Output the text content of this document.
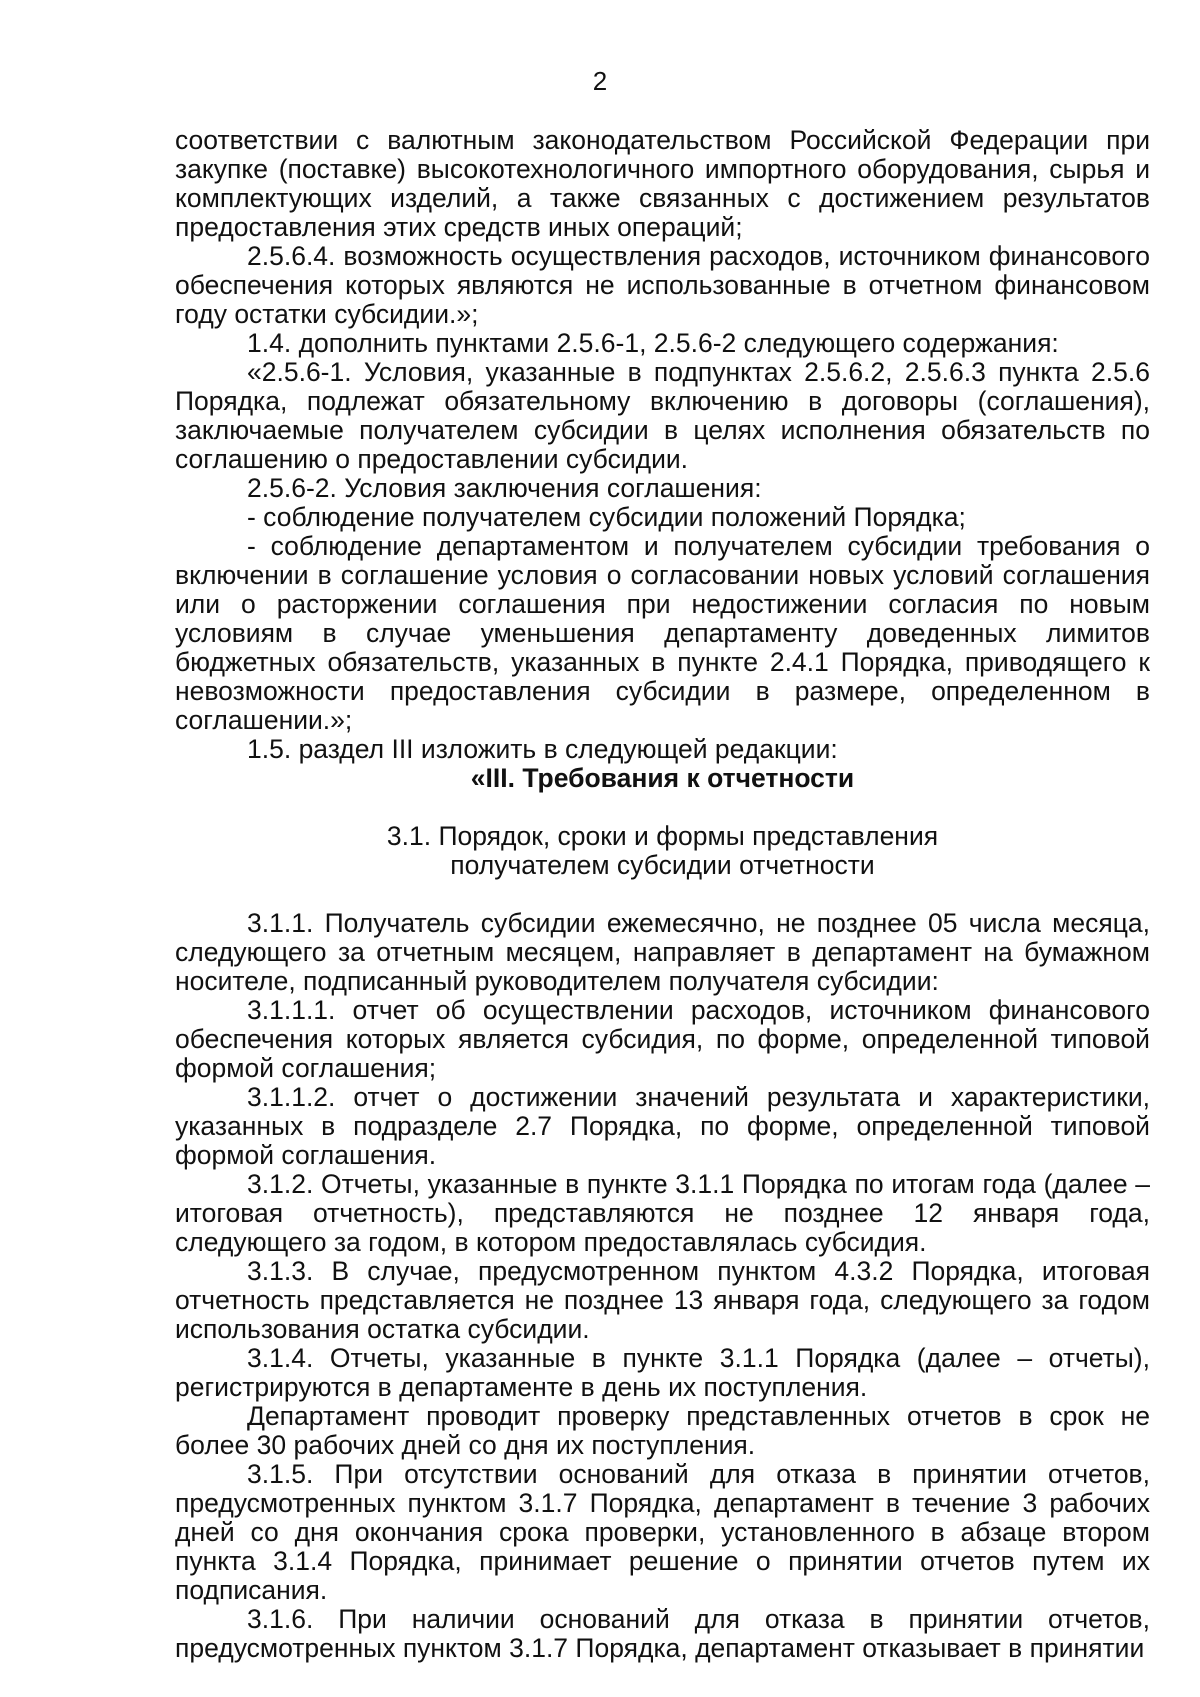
2

соответствии с валютным законодательством Российской Федерации при закупке (поставке) высокотехнологичного импортного оборудования, сырья и комплектующих изделий, а также связанных с достижением результатов предоставления этих средств иных операций;

2.5.6.4. возможность осуществления расходов, источником финансового обеспечения которых являются не использованные в отчетном финансовом году остатки субсидии.»;

1.4. дополнить пунктами 2.5.6-1, 2.5.6-2 следующего содержания:

«2.5.6-1. Условия, указанные в подпунктах 2.5.6.2, 2.5.6.3 пункта 2.5.6 Порядка, подлежат обязательному включению в договоры (соглашения), заключаемые получателем субсидии в целях исполнения обязательств по соглашению о предоставлении субсидии.

2.5.6-2. Условия заключения соглашения:

- соблюдение получателем субсидии положений Порядка;

- соблюдение департаментом и получателем субсидии требования о включении в соглашение условия о согласовании новых условий соглашения или о расторжении соглашения при недостижении согласия по новым условиям в случае уменьшения департаменту доведенных лимитов бюджетных обязательств, указанных в пункте 2.4.1 Порядка, приводящего к невозможности предоставления субсидии в размере, определенном в соглашении.»;

1.5. раздел III изложить в следующей редакции:

«III. Требования к отчетности

3.1. Порядок, сроки и формы представления получателем субсидии отчетности

3.1.1. Получатель субсидии ежемесячно, не позднее 05 числа месяца, следующего за отчетным месяцем, направляет в департамент на бумажном носителе, подписанный руководителем получателя субсидии:

3.1.1.1. отчет об осуществлении расходов, источником финансового обеспечения которых является субсидия, по форме, определенной типовой формой соглашения;

3.1.1.2. отчет о достижении значений результата и характеристики, указанных в подразделе 2.7 Порядка, по форме, определенной типовой формой соглашения.

3.1.2. Отчеты, указанные в пункте 3.1.1 Порядка по итогам года (далее – итоговая отчетность), представляются не позднее 12 января года, следующего за годом, в котором предоставлялась субсидия.

3.1.3. В случае, предусмотренном пунктом 4.3.2 Порядка, итоговая отчетность представляется не позднее 13 января года, следующего за годом использования остатка субсидии.

3.1.4. Отчеты, указанные в пункте 3.1.1 Порядка (далее – отчеты), регистрируются в департаменте в день их поступления.

Департамент проводит проверку представленных отчетов в срок не более 30 рабочих дней со дня их поступления.

3.1.5. При отсутствии оснований для отказа в принятии отчетов, предусмотренных пунктом 3.1.7 Порядка, департамент в течение 3 рабочих дней со дня окончания срока проверки, установленного в абзаце втором пункта 3.1.4 Порядка, принимает решение о принятии отчетов путем их подписания.

3.1.6. При наличии оснований для отказа в принятии отчетов, предусмотренных пунктом 3.1.7 Порядка, департамент отказывает в принятии
